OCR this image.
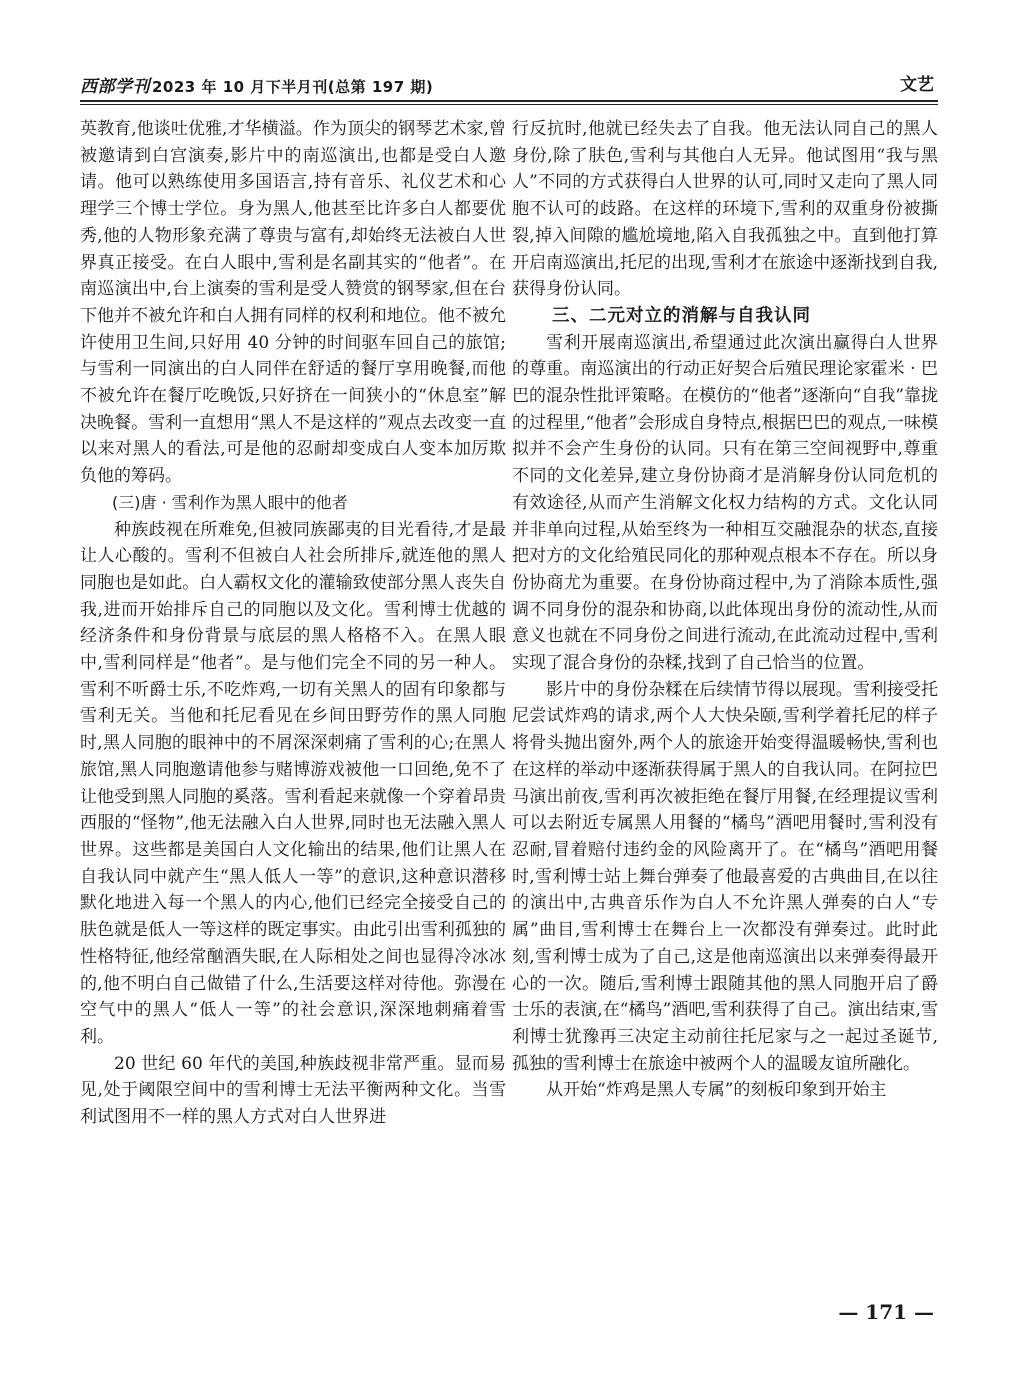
西部学刊 2023 年 10 月下半月刊(总第 197 期)	文艺

英教育,他谈吐优雅,才华横溢。作为顶尖的钢琴艺术家,曾被邀请到白宫演奏,影片中的南巡演出,也都是受白人邀请。他可以熟练使用多国语言,持有音乐、礼仪艺术和心理学三个博士学位。身为黑人,他甚至比许多白人都要优秀,他的人物形象充满了尊贵与富有,却始终无法被白人世界真正接受。在白人眼中,雪利是名副其实的“他者”。在南巡演出中,台上演奏的雪利是受人赞赏的钢琴家,但在台下他并不被允许和白人拥有同样的权利和地位。他不被允许使用卫生间,只好用 40 分钟的时间驱车回自己的旅馆;与雪利一同演出的白人同伴在舒适的餐厅享用晚餐,而他不被允许在餐厅吃晚饭,只好挤在一间狭小的“休息室”解决晚餐。雪利一直想用“黑人不是这样的”观点去改变一直以来对黑人的看法,可是他的忍耐却变成白人变本加厉欺负他的筹码。

(三)唐 · 雪利作为黑人眼中的他者

种族歧视在所难免,但被同族鄙夷的目光看待,才是最让人心酸的。雪利不但被白人社会所排斥,就连他的黑人同胞也是如此。白人霸权文化的灌输致使部分黑人丧失自我,进而开始排斥自己的同胞以及文化。雪利博士优越的经济条件和身份背景与底层的黑人格格不入。在黑人眼中,雪利同样是“他者”。是与他们完全不同的另一种人。雪利不听爵士乐,不吃炸鸡,一切有关黑人的固有印象都与雪利无关。当他和托尼看见在乡间田野劳作的黑人同胞时,黑人同胞的眼神中的不屑深深刺痛了雪利的心;在黑人旅馆,黑人同胞邀请他参与赌博游戏被他一口回绝,免不了让他受到黑人同胞的奚落。雪利看起来就像一个穿着昂贵西服的“怪物”,他无法融入白人世界,同时也无法融入黑人世界。这些都是美国白人文化输出的结果,他们让黑人在自我认同中就产生“黑人低人一等”的意识,这种意识潜移默化地进入每一个黑人的内心,他们已经完全接受自己的肤色就是低人一等这样的既定事实。由此引出雪利孤独的性格特征,他经常酗酒失眠,在人际相处之间也显得冷冰冰的,他不明白自己做错了什么,生活要这样对待他。弥漫在空气中的黑人“低人一等”的社会意识,深深地刺痛着雪利。

20 世纪 60 年代的美国,种族歧视非常严重。显而易见,处于阈限空间中的雪利博士无法平衡两种文化。当雪利试图用不一样的黑人方式对白人世界进

行反抗时,他就已经失去了自我。他无法认同自己的黑人身份,除了肤色,雪利与其他白人无异。他试图用“我与黑人”不同的方式获得白人世界的认可,同时又走向了黑人同胞不认可的歧路。在这样的环境下,雪利的双重身份被撕裂,掉入间隙的尴尬境地,陷入自我孤独之中。直到他打算开启南巡演出,托尼的出现,雪利才在旅途中逐渐找到自我,获得身份认同。

三、二元对立的消解与自我认同

雪利开展南巡演出,希望通过此次演出赢得白人世界的尊重。南巡演出的行动正好契合后殖民理论家霍米 · 巴巴的混杂性批评策略。在模仿的“他者”逐渐向“自我”靠拢的过程里,“他者”会形成自身特点,根据巴巴的观点,一味模拟并不会产生身份的认同。只有在第三空间视野中,尊重不同的文化差异,建立身份协商才是消解身份认同危机的有效途径,从而产生消解文化权力结构的方式。文化认同并非单向过程,从始至终为一种相互交融混杂的状态,直接把对方的文化给殖民同化的那种观点根本不存在。所以身份协商尤为重要。在身份协商过程中,为了消除本质性,强调不同身份的混杂和协商,以此体现出身份的流动性,从而意义也就在不同身份之间进行流动,在此流动过程中,雪利实现了混合身份的杂糅,找到了自己恰当的位置。

影片中的身份杂糅在后续情节得以展现。雪利接受托尼尝试炸鸡的请求,两个人大快朵颐,雪利学着托尼的样子将骨头抛出窗外,两个人的旅途开始变得温暖畅快,雪利也在这样的举动中逐渐获得属于黑人的自我认同。在阿拉巴马演出前夜,雪利再次被拒绝在餐厅用餐,在经理提议雪利可以去附近专属黑人用餐的“橘鸟”酒吧用餐时,雪利没有忍耐,冒着赔付违约金的风险离开了。在“橘鸟”酒吧用餐时,雪利博士站上舞台弹奏了他最喜爱的古典曲目,在以往的演出中,古典音乐作为白人不允许黑人弹奏的白人“专属”曲目,雪利博士在舞台上一次都没有弹奏过。此时此刻,雪利博士成为了自己,这是他南巡演出以来弹奏得最开心的一次。随后,雪利博士跟随其他的黑人同胞开启了爵士乐的表演,在“橘鸟”酒吧,雪利获得了自己。演出结束,雪利博士犹豫再三决定主动前往托尼家与之一起过圣诞节,孤独的雪利博士在旅途中被两个人的温暖友谊所融化。

从开始“炸鸡是黑人专属”的刻板印象到开始主

— 171 —
